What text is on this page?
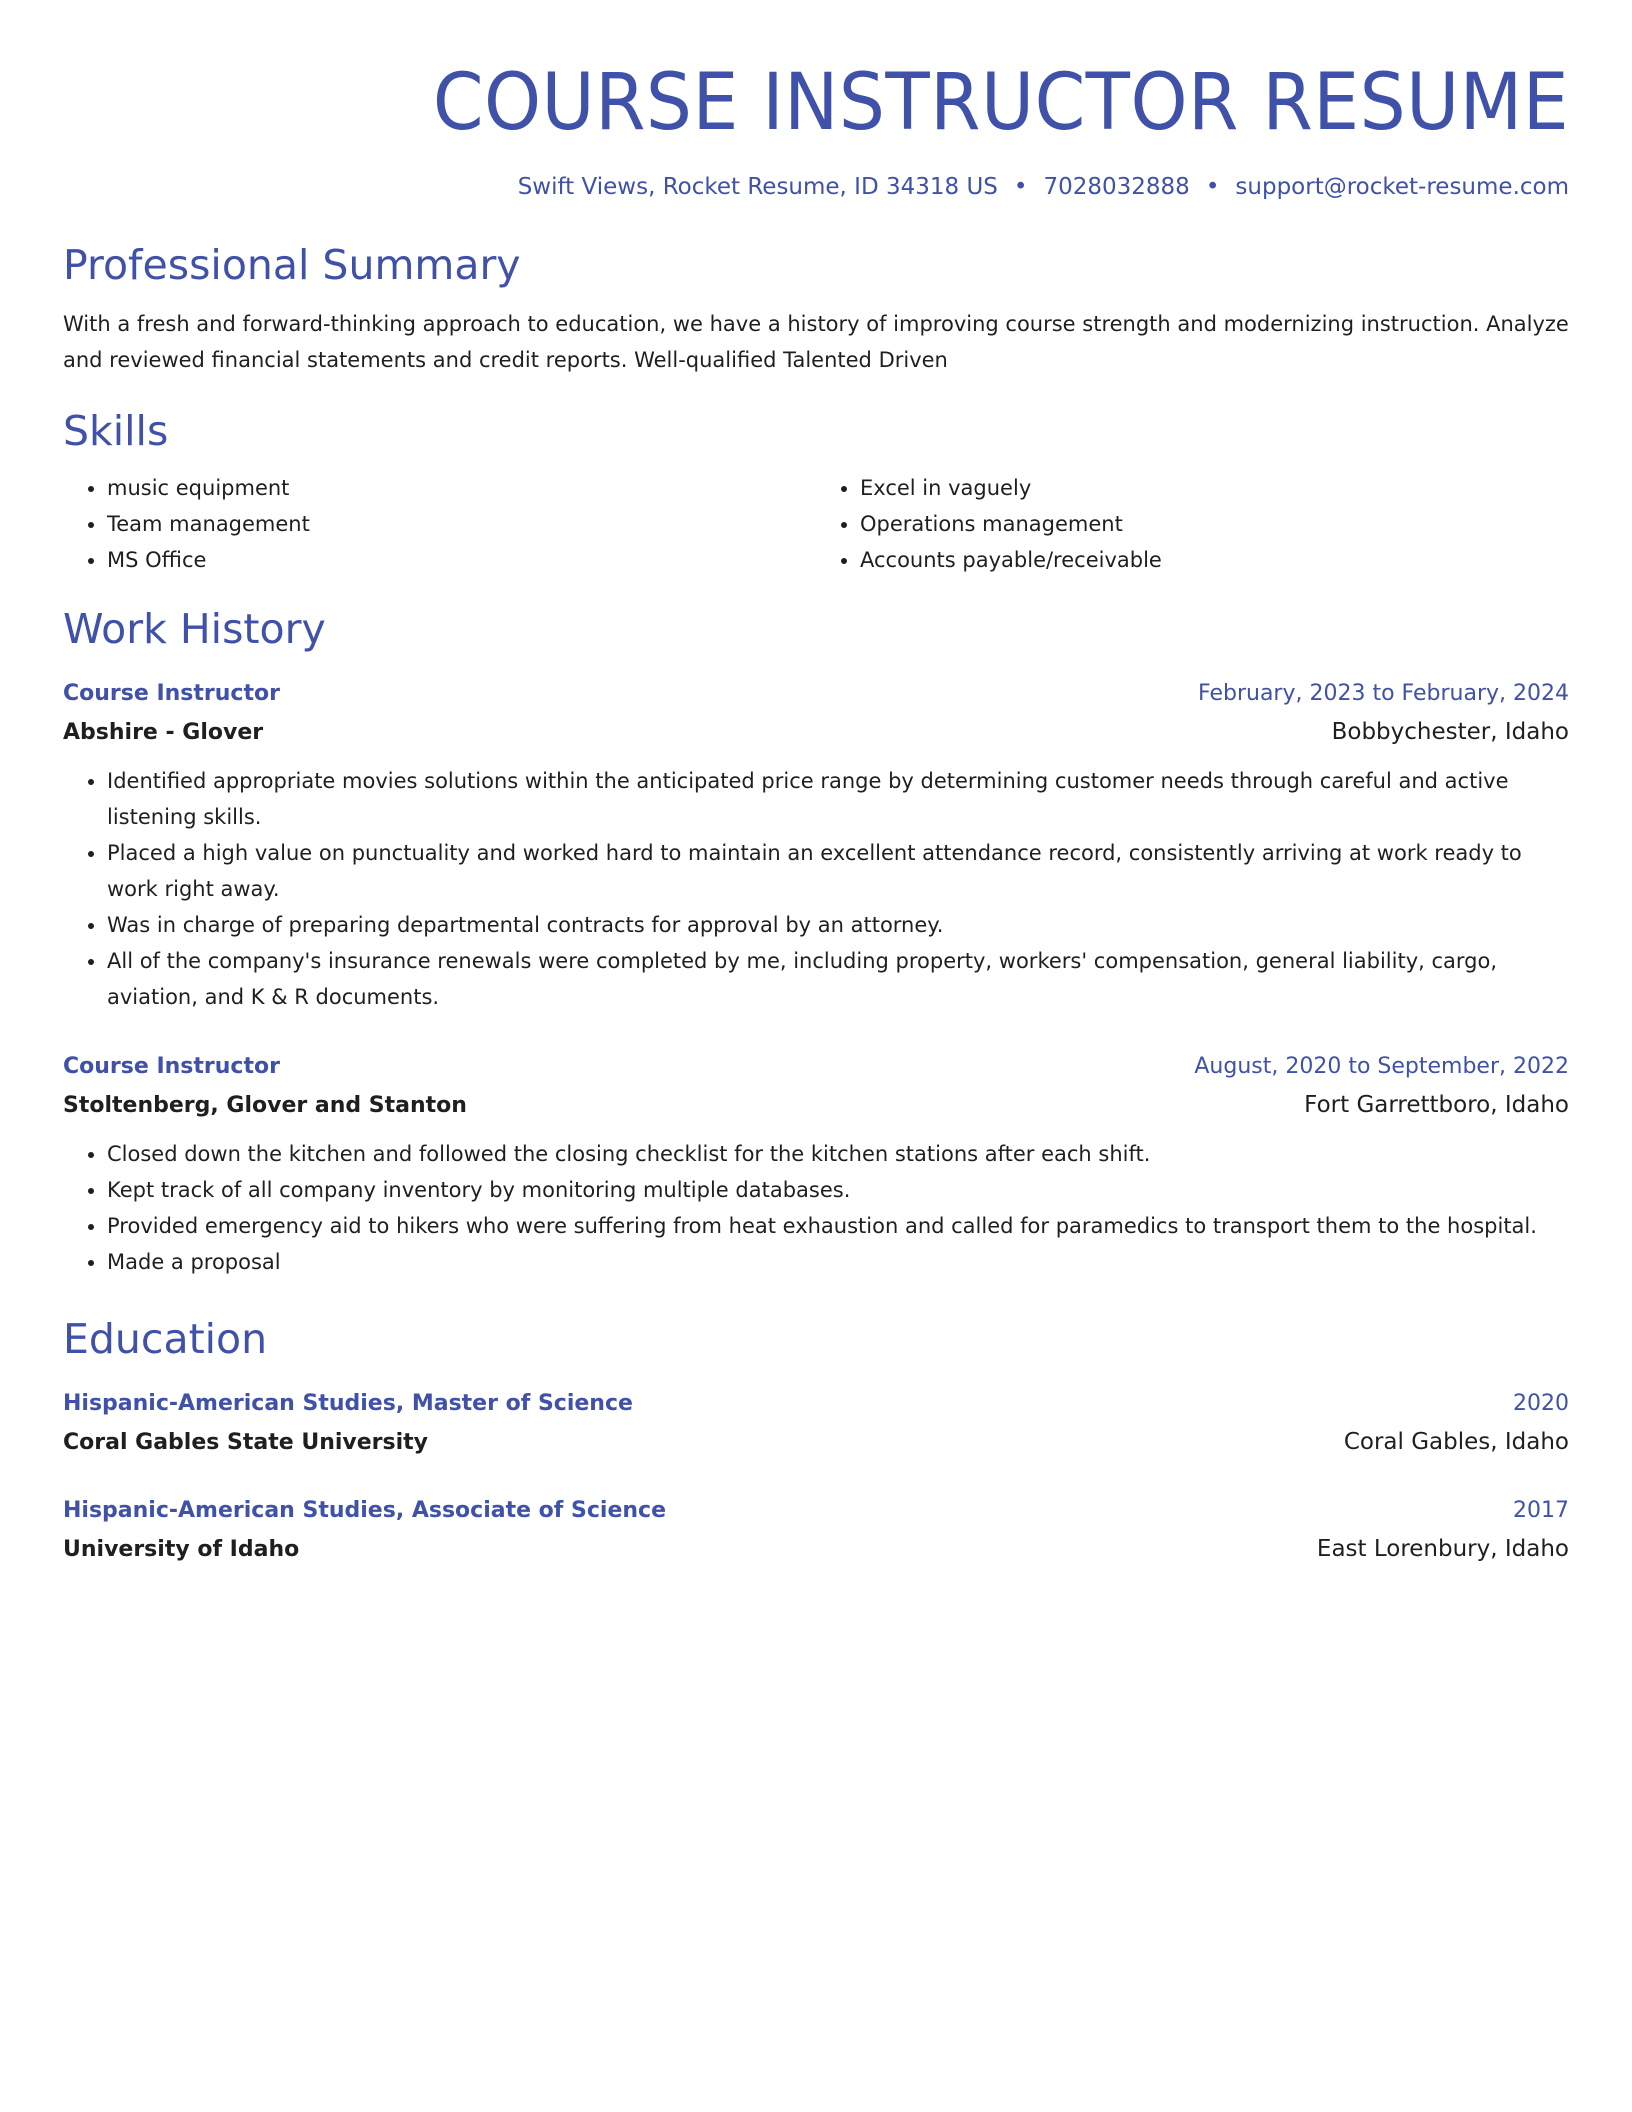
COURSE INSTRUCTOR RESUME
Swift Views, Rocket Resume, ID 34318 US • 7028032888 • support@rocket-resume.com
Professional Summary
With a fresh and forward-thinking approach to education, we have a history of improving course strength and modernizing instruction. Analyze and reviewed financial statements and credit reports. Well-qualified Talented Driven
Skills
• music equipment
• Team management
• MS Office
• Excel in vaguely
• Operations management
• Accounts payable/receivable
Work History
Course Instructor	February, 2023 to February, 2024
Abshire - Glover	Bobbychester, Idaho
• Identified appropriate movies solutions within the anticipated price range by determining customer needs through careful and active listening skills.
• Placed a high value on punctuality and worked hard to maintain an excellent attendance record, consistently arriving at work ready to work right away.
• Was in charge of preparing departmental contracts for approval by an attorney.
• All of the company's insurance renewals were completed by me, including property, workers' compensation, general liability, cargo, aviation, and K & R documents.
Course Instructor	August, 2020 to September, 2022
Stoltenberg, Glover and Stanton	Fort Garrettboro, Idaho
• Closed down the kitchen and followed the closing checklist for the kitchen stations after each shift.
• Kept track of all company inventory by monitoring multiple databases.
• Provided emergency aid to hikers who were suffering from heat exhaustion and called for paramedics to transport them to the hospital.
• Made a proposal
Education
Hispanic-American Studies, Master of Science	2020
Coral Gables State University	Coral Gables, Idaho
Hispanic-American Studies, Associate of Science	2017
University of Idaho	East Lorenbury, Idaho
